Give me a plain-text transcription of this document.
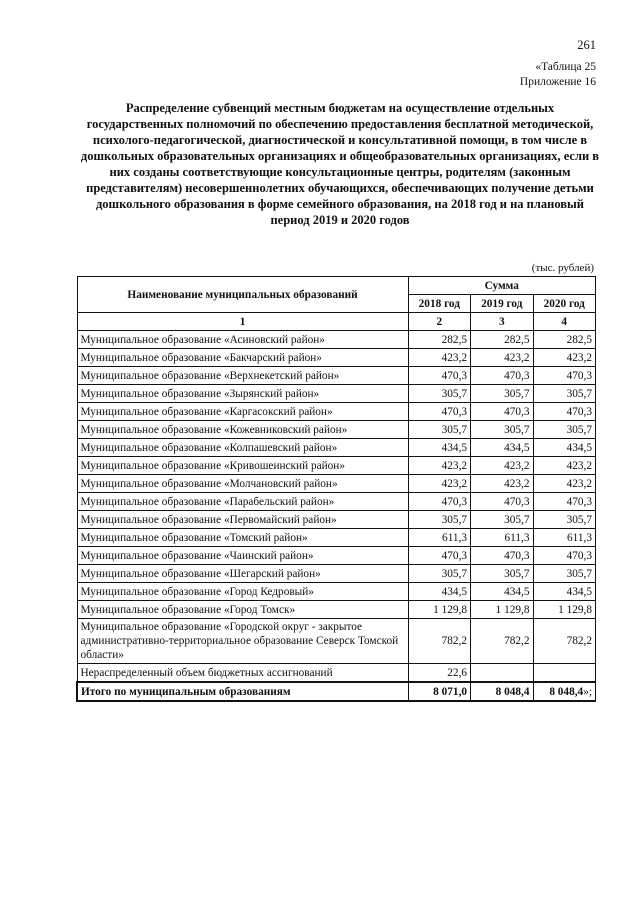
261
«Таблица 25
Приложение 16

Распределение субвенций местным бюджетам на осуществление отдельных государственных полномочий по обеспечению предоставления бесплатной методической, психолого-педагогической, диагностической и консультативной помощи, в том числе в дошкольных образовательных организациях и общеобразовательных организациях, если в них созданы соответствующие консультационные центры, родителям (законным представителям) несовершеннолетних обучающихся, обеспечивающих получение детьми дошкольного образования в форме семейного образования, на 2018 год и на плановый период 2019 и 2020 годов

(тыс. рублей)
Наименование муниципальных образований	Сумма		
	2018 год	2019 год	2020 год
1	2	3	4
Муниципальное образование «Асиновский район»	282,5	282,5	282,5
Муниципальное образование «Бакчарский район»	423,2	423,2	423,2
Муниципальное образование «Верхнекетский район»	470,3	470,3	470,3
Муниципальное образование «Зырянский район»	305,7	305,7	305,7
Муниципальное образование «Каргасокский район»	470,3	470,3	470,3
Муниципальное образование «Кожевниковский район»	305,7	305,7	305,7
Муниципальное образование «Колпашевский район»	434,5	434,5	434,5
Муниципальное образование «Кривошеинский район»	423,2	423,2	423,2
Муниципальное образование «Молчановский район»	423,2	423,2	423,2
Муниципальное образование «Парабельский район»	470,3	470,3	470,3
Муниципальное образование «Первомайский район»	305,7	305,7	305,7
Муниципальное образование «Томский район»	611,3	611,3	611,3
Муниципальное образование «Чаинский район»	470,3	470,3	470,3
Муниципальное образование «Шегарский район»	305,7	305,7	305,7
Муниципальное образование «Город Кедровый»	434,5	434,5	434,5
Муниципальное образование «Город Томск»	1 129,8	1 129,8	1 129,8
Муниципальное образование «Городской округ - закрытое административно-территориальное образование Северск Томской области»	782,2	782,2	782,2
Нераспределенный объем бюджетных ассигнований	22,6		
Итого по муниципальным образованиям	8 071,0	8 048,4	8 048,4»;
